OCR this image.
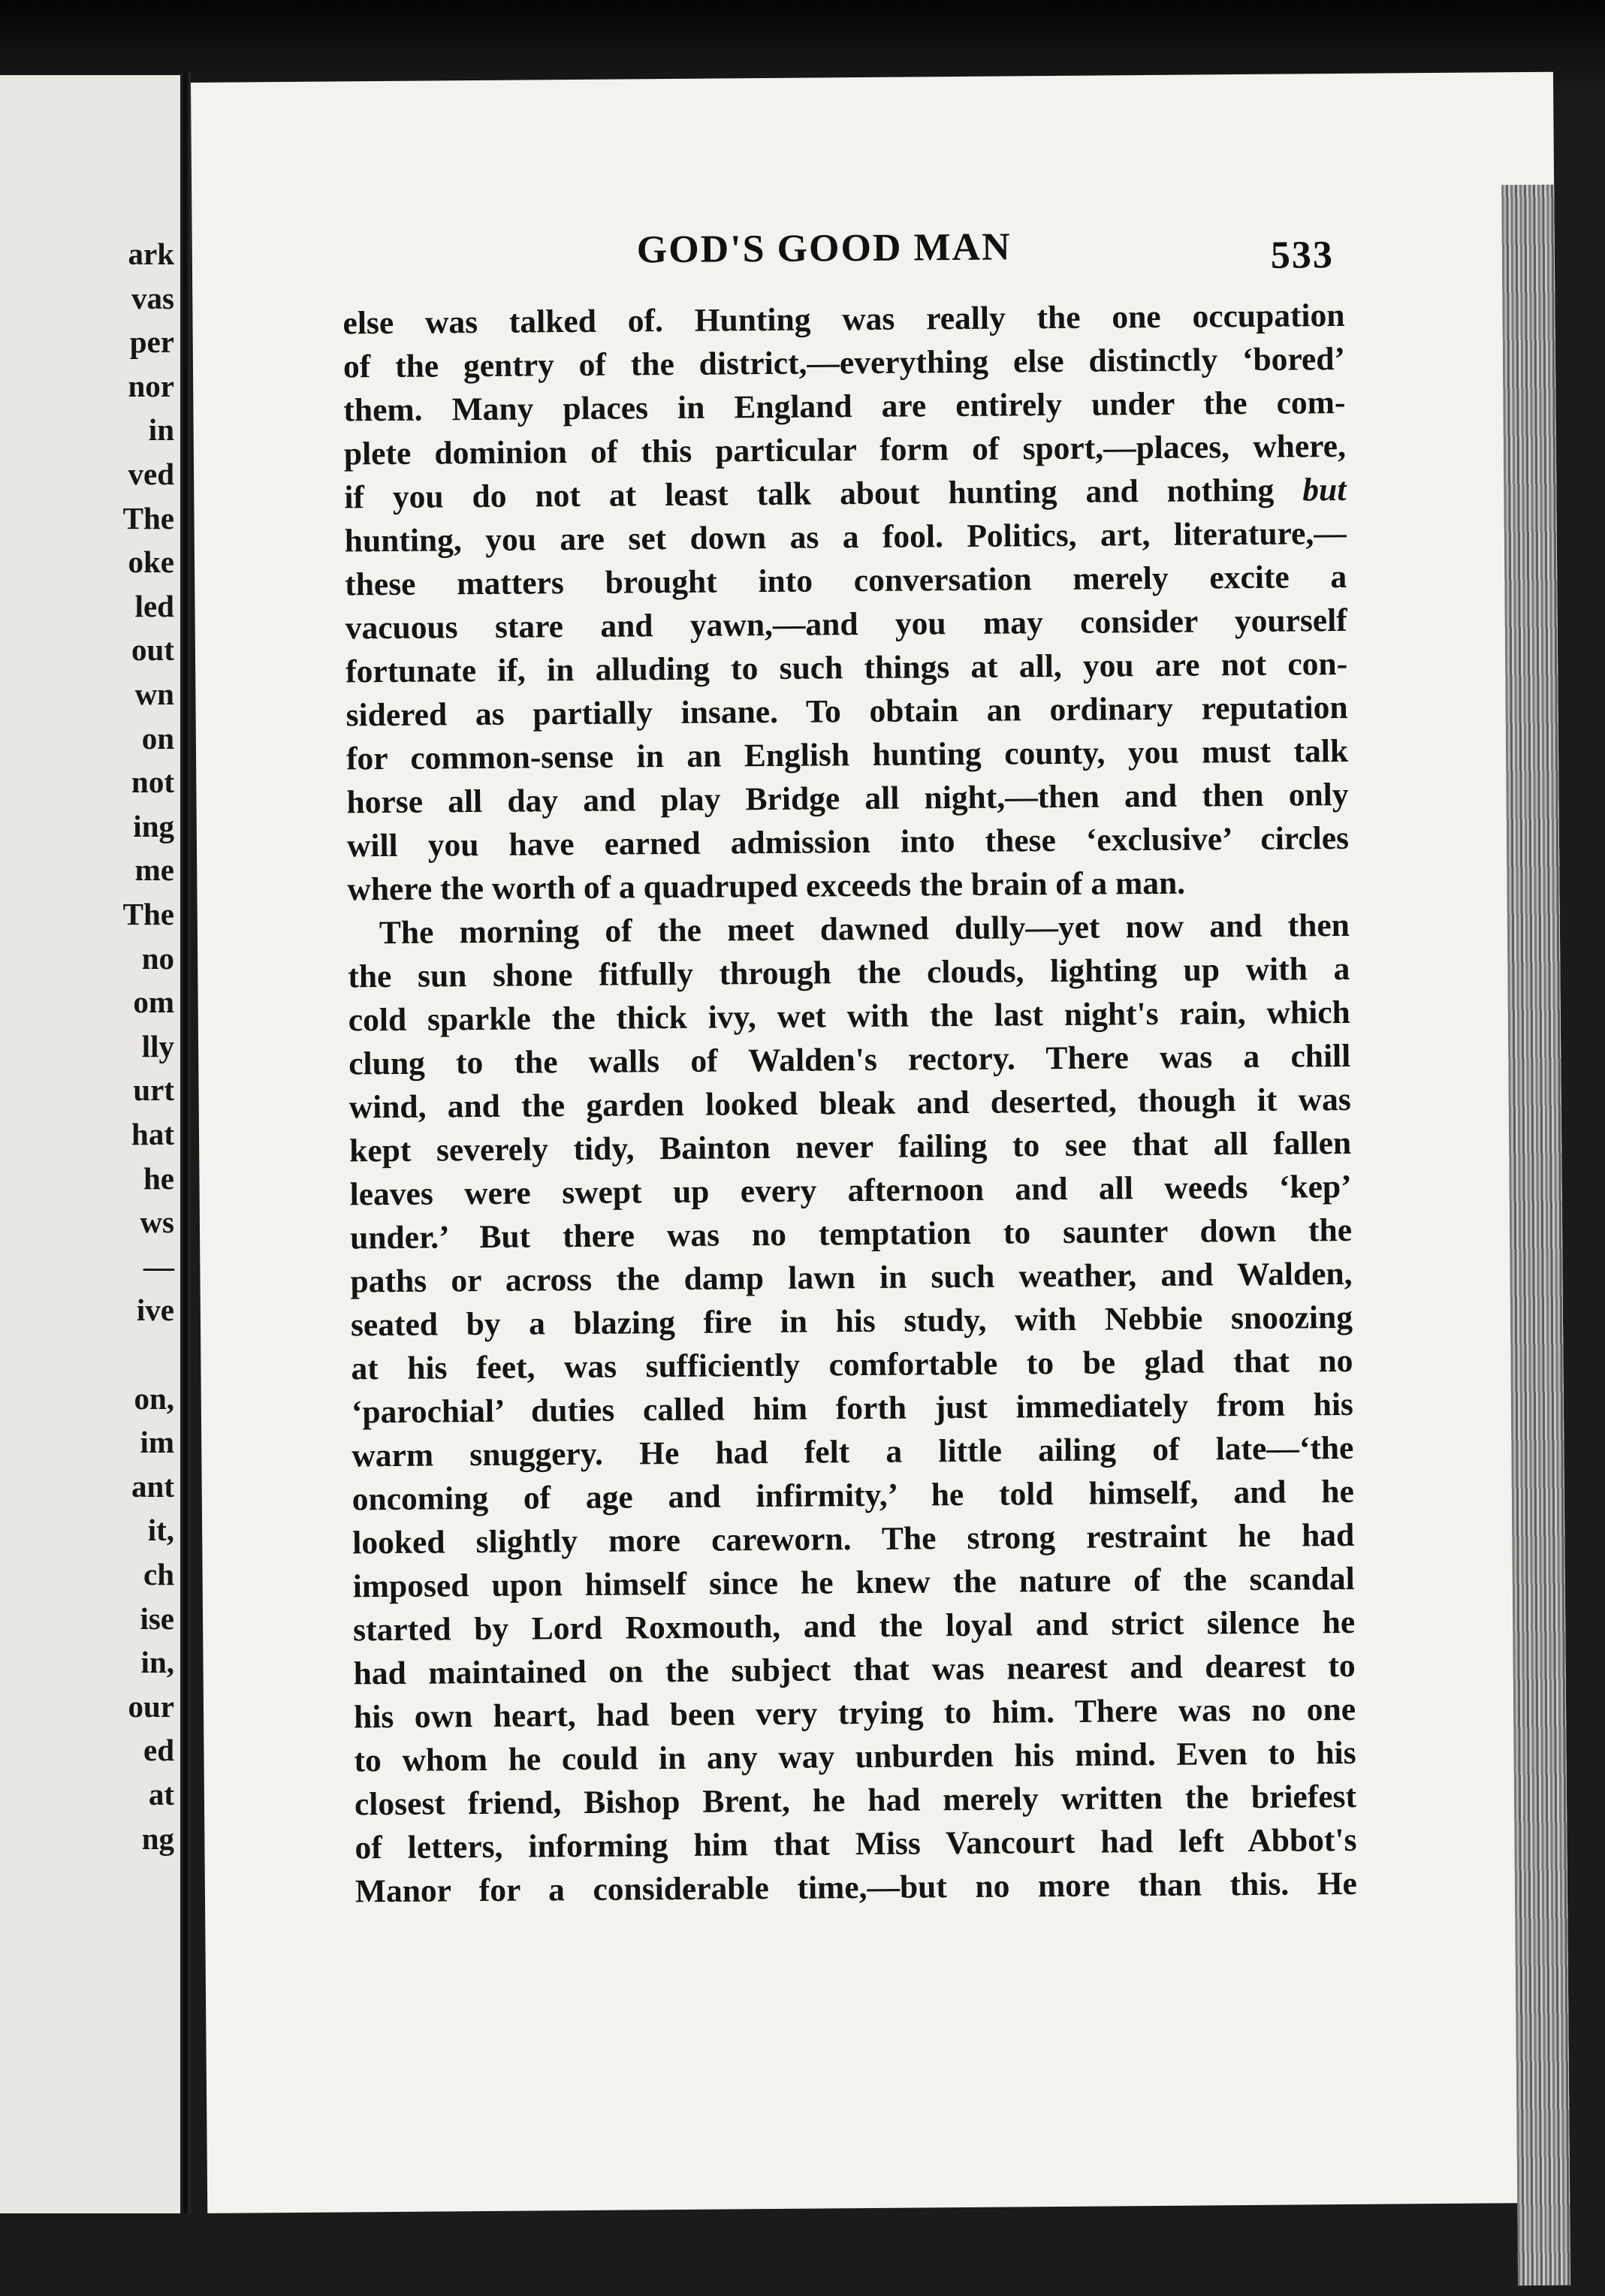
ark
vas
per
nor
in
ved
The
oke
led
out
wn
on
not
ing
me
The
no
om
lly
urt
hat
he
ws
—
ive
on,
im
ant
it,
ch
ise
in,
our
ed
at
ng
GOD'S GOOD MAN	533
else was talked of. Hunting was really the one occupation
of the gentry of the district,—everything else distinctly ‘bored’
them. Many places in England are entirely under the com-
plete dominion of this particular form of sport,—places, where,
if you do not at least talk about hunting and nothing but
hunting, you are set down as a fool. Politics, art, literature,—
these matters brought into conversation merely excite a
vacuous stare and yawn,—and you may consider yourself
fortunate if, in alluding to such things at all, you are not con-
sidered as partially insane. To obtain an ordinary reputation
for common-sense in an English hunting county, you must talk
horse all day and play Bridge all night,—then and then only
will you have earned admission into these ‘exclusive’ circles
where the worth of a quadruped exceeds the brain of a man.
The morning of the meet dawned dully—yet now and then
the sun shone fitfully through the clouds, lighting up with a
cold sparkle the thick ivy, wet with the last night's rain, which
clung to the walls of Walden's rectory. There was a chill
wind, and the garden looked bleak and deserted, though it was
kept severely tidy, Bainton never failing to see that all fallen
leaves were swept up every afternoon and all weeds ‘kep’
under.’ But there was no temptation to saunter down the
paths or across the damp lawn in such weather, and Walden,
seated by a blazing fire in his study, with Nebbie snoozing
at his feet, was sufficiently comfortable to be glad that no
‘parochial’ duties called him forth just immediately from his
warm snuggery. He had felt a little ailing of late—‘the
oncoming of age and infirmity,’ he told himself, and he
looked slightly more careworn. The strong restraint he had
imposed upon himself since he knew the nature of the scandal
started by Lord Roxmouth, and the loyal and strict silence he
had maintained on the subject that was nearest and dearest to
his own heart, had been very trying to him. There was no one
to whom he could in any way unburden his mind. Even to his
closest friend, Bishop Brent, he had merely written the briefest
of letters, informing him that Miss Vancourt had left Abbot's
Manor for a considerable time,—but no more than this. He
